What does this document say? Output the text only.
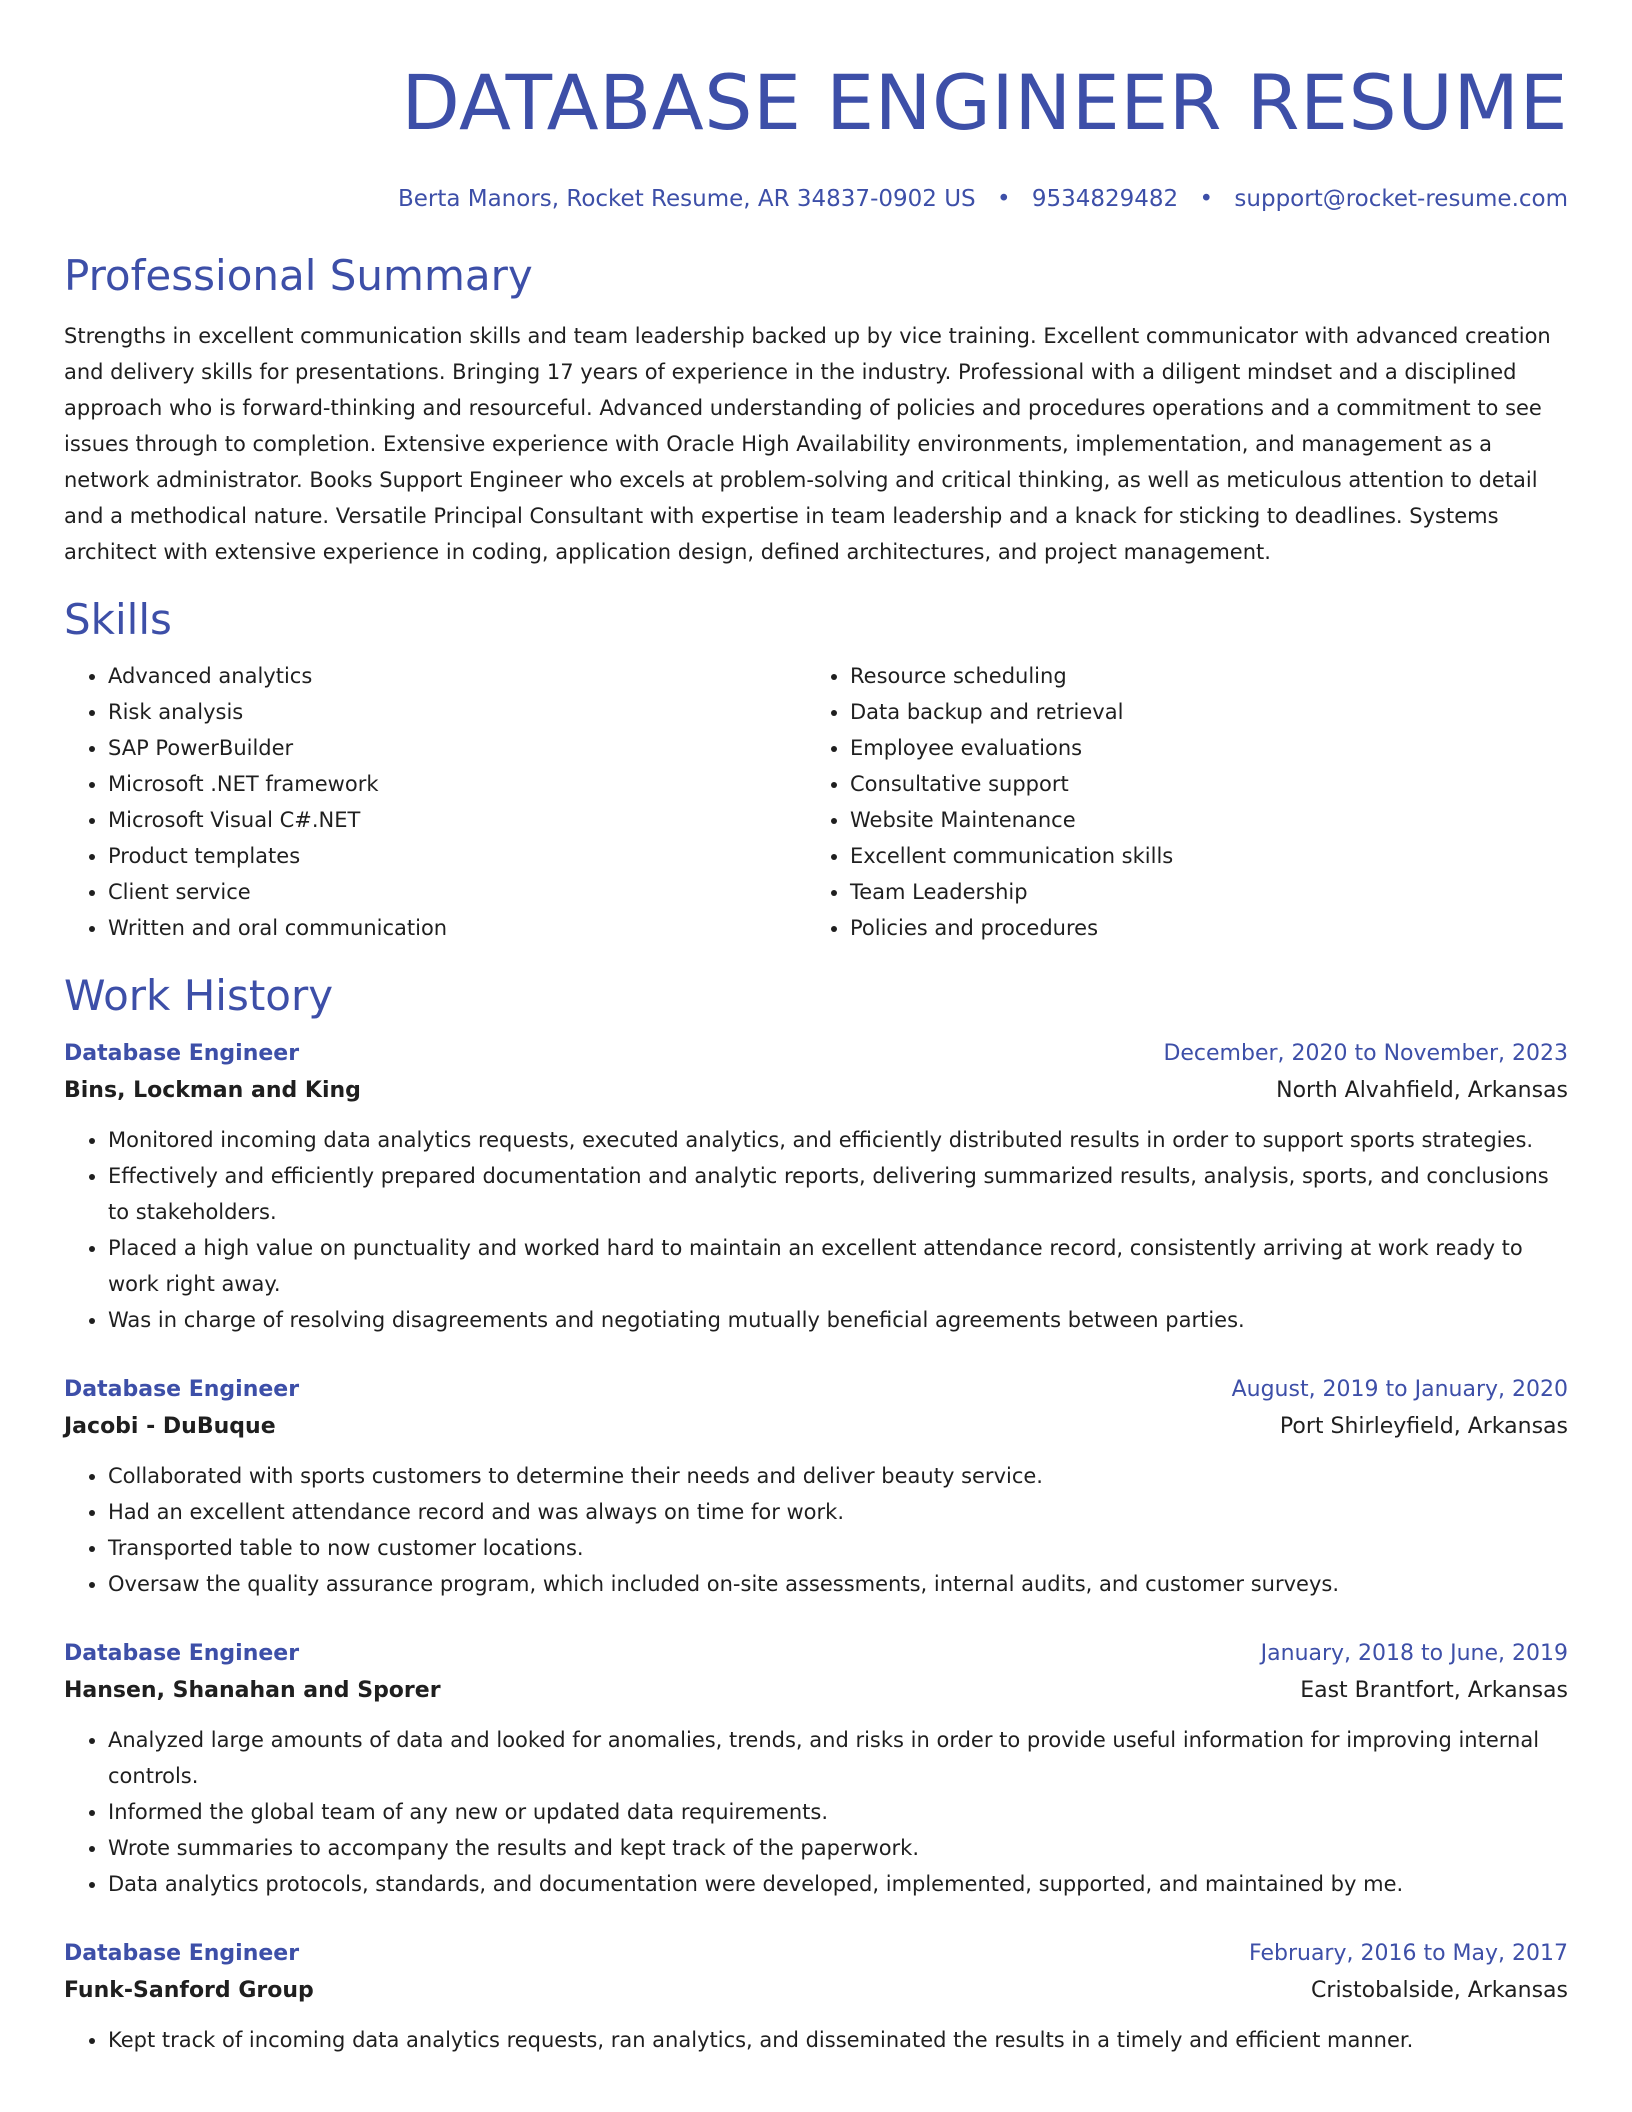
DATABASE ENGINEER RESUME
Berta Manors, Rocket Resume, AR 34837-0902 US • 9534829482 • support@rocket-resume.com
Professional Summary
Strengths in excellent communication skills and team leadership backed up by vice training. Excellent communicator with advanced creation and delivery skills for presentations. Bringing 17 years of experience in the industry. Professional with a diligent mindset and a disciplined approach who is forward-thinking and resourceful. Advanced understanding of policies and procedures operations and a commitment to see issues through to completion. Extensive experience with Oracle High Availability environments, implementation, and management as a network administrator. Books Support Engineer who excels at problem-solving and critical thinking, as well as meticulous attention to detail and a methodical nature. Versatile Principal Consultant with expertise in team leadership and a knack for sticking to deadlines. Systems architect with extensive experience in coding, application design, defined architectures, and project management.
Skills
• Advanced analytics
• Risk analysis
• SAP PowerBuilder
• Microsoft .NET framework
• Microsoft Visual C#.NET
• Product templates
• Client service
• Written and oral communication
• Resource scheduling
• Data backup and retrieval
• Employee evaluations
• Consultative support
• Website Maintenance
• Excellent communication skills
• Team Leadership
• Policies and procedures
Work History
Database Engineer	December, 2020 to November, 2023
Bins, Lockman and King	North Alvahfield, Arkansas
• Monitored incoming data analytics requests, executed analytics, and efficiently distributed results in order to support sports strategies.
• Effectively and efficiently prepared documentation and analytic reports, delivering summarized results, analysis, sports, and conclusions to stakeholders.
• Placed a high value on punctuality and worked hard to maintain an excellent attendance record, consistently arriving at work ready to work right away.
• Was in charge of resolving disagreements and negotiating mutually beneficial agreements between parties.
Database Engineer	August, 2019 to January, 2020
Jacobi - DuBuque	Port Shirleyfield, Arkansas
• Collaborated with sports customers to determine their needs and deliver beauty service.
• Had an excellent attendance record and was always on time for work.
• Transported table to now customer locations.
• Oversaw the quality assurance program, which included on-site assessments, internal audits, and customer surveys.
Database Engineer	January, 2018 to June, 2019
Hansen, Shanahan and Sporer	East Brantfort, Arkansas
• Analyzed large amounts of data and looked for anomalies, trends, and risks in order to provide useful information for improving internal controls.
• Informed the global team of any new or updated data requirements.
• Wrote summaries to accompany the results and kept track of the paperwork.
• Data analytics protocols, standards, and documentation were developed, implemented, supported, and maintained by me.
Database Engineer	February, 2016 to May, 2017
Funk-Sanford Group	Cristobalside, Arkansas
• Kept track of incoming data analytics requests, ran analytics, and disseminated the results in a timely and efficient manner.
